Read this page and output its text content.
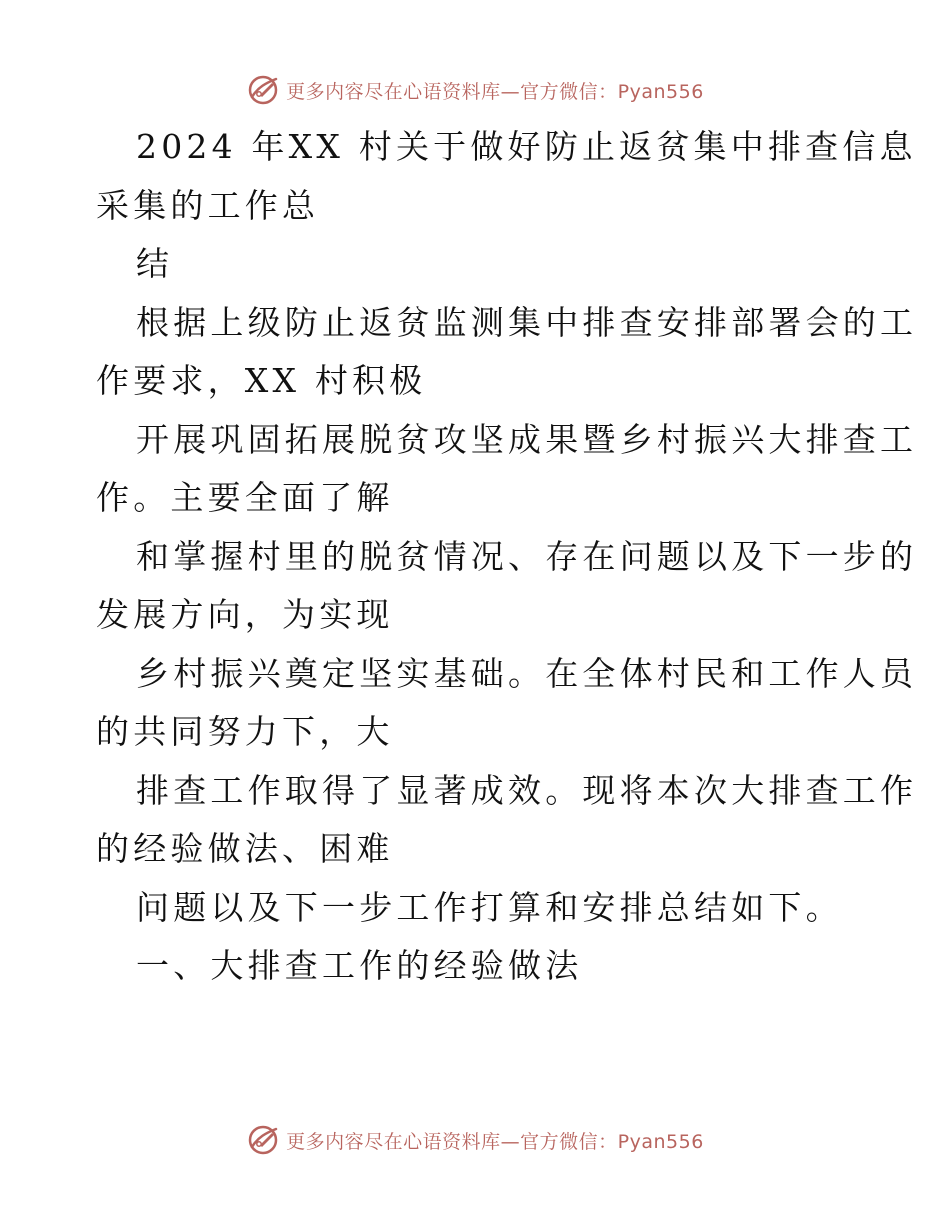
更多内容尽在心语资料库—官方微信：Pyan556
2024 年XX 村关于做好防止返贫集中排查信息
采集的工作总
结
根据上级防止返贫监测集中排查安排部署会的工
作要求，XX 村积极
开展巩固拓展脱贫攻坚成果暨乡村振兴大排查工
作。主要全面了解
和掌握村里的脱贫情况、存在问题以及下一步的
发展方向，为实现
乡村振兴奠定坚实基础。在全体村民和工作人员
的共同努力下，大
排查工作取得了显著成效。现将本次大排查工作
的经验做法、困难
问题以及下一步工作打算和安排总结如下。
一、大排查工作的经验做法
更多内容尽在心语资料库—官方微信：Pyan556
